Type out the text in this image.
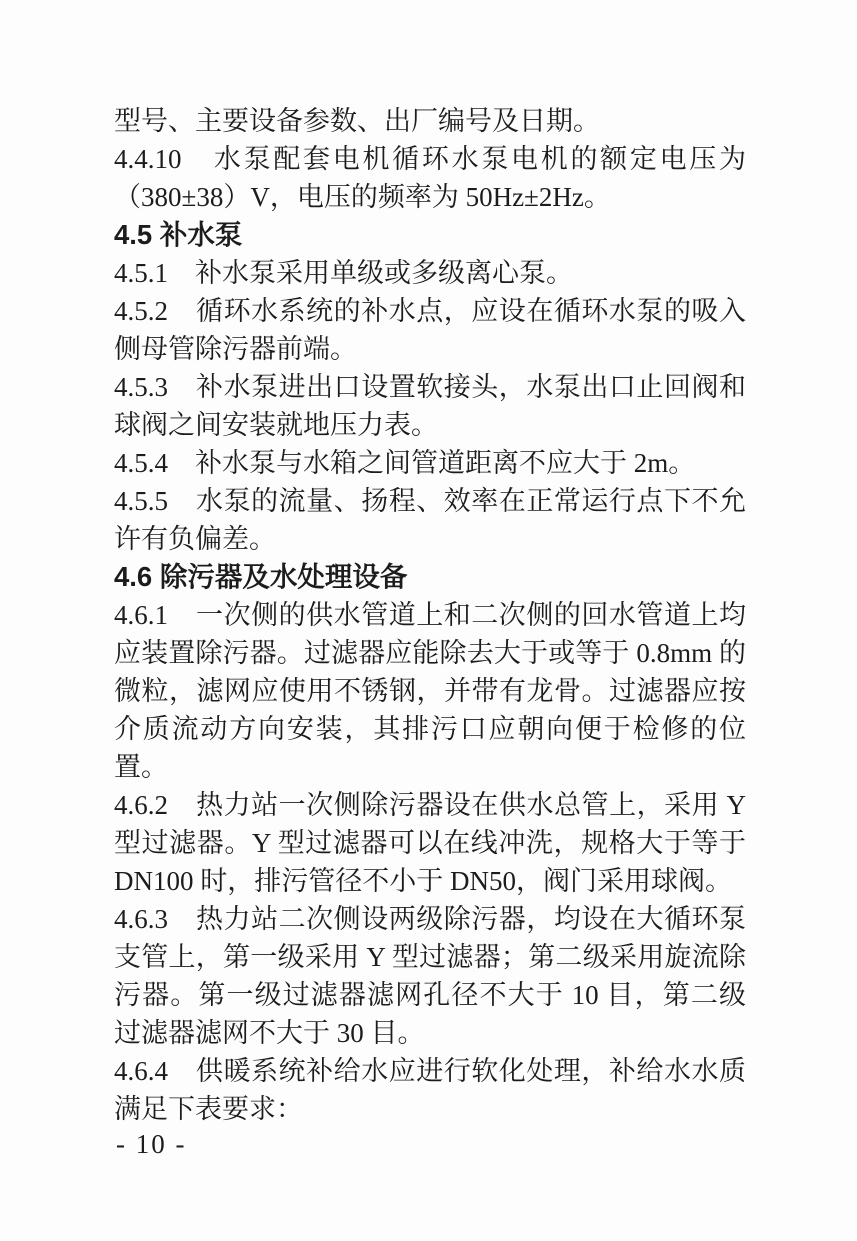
型号、主要设备参数、出厂编号及日期。

4.4.10　水泵配套电机循环水泵电机的额定电压为（380±38）V，电压的频率为 50Hz±2Hz。

4.5 补水泵

4.5.1　补水泵采用单级或多级离心泵。

4.5.2　循环水系统的补水点，应设在循环水泵的吸入侧母管除污器前端。

4.5.3　补水泵进出口设置软接头，水泵出口止回阀和球阀之间安装就地压力表。

4.5.4　补水泵与水箱之间管道距离不应大于 2m。

4.5.5　水泵的流量、扬程、效率在正常运行点下不允许有负偏差。

4.6 除污器及水处理设备

4.6.1　一次侧的供水管道上和二次侧的回水管道上均应装置除污器。过滤器应能除去大于或等于 0.8mm 的微粒，滤网应使用不锈钢，并带有龙骨。过滤器应按介质流动方向安装，其排污口应朝向便于检修的位置。

4.6.2　热力站一次侧除污器设在供水总管上，采用 Y 型过滤器。Y 型过滤器可以在线冲洗，规格大于等于 DN100 时，排污管径不小于 DN50，阀门采用球阀。

4.6.3　热力站二次侧设两级除污器，均设在大循环泵支管上，第一级采用 Y 型过滤器；第二级采用旋流除污器。第一级过滤器滤网孔径不大于 10 目，第二级过滤器滤网不大于 30 目。

4.6.4　供暖系统补给水应进行软化处理，补给水水质满足下表要求：

- 10 -
